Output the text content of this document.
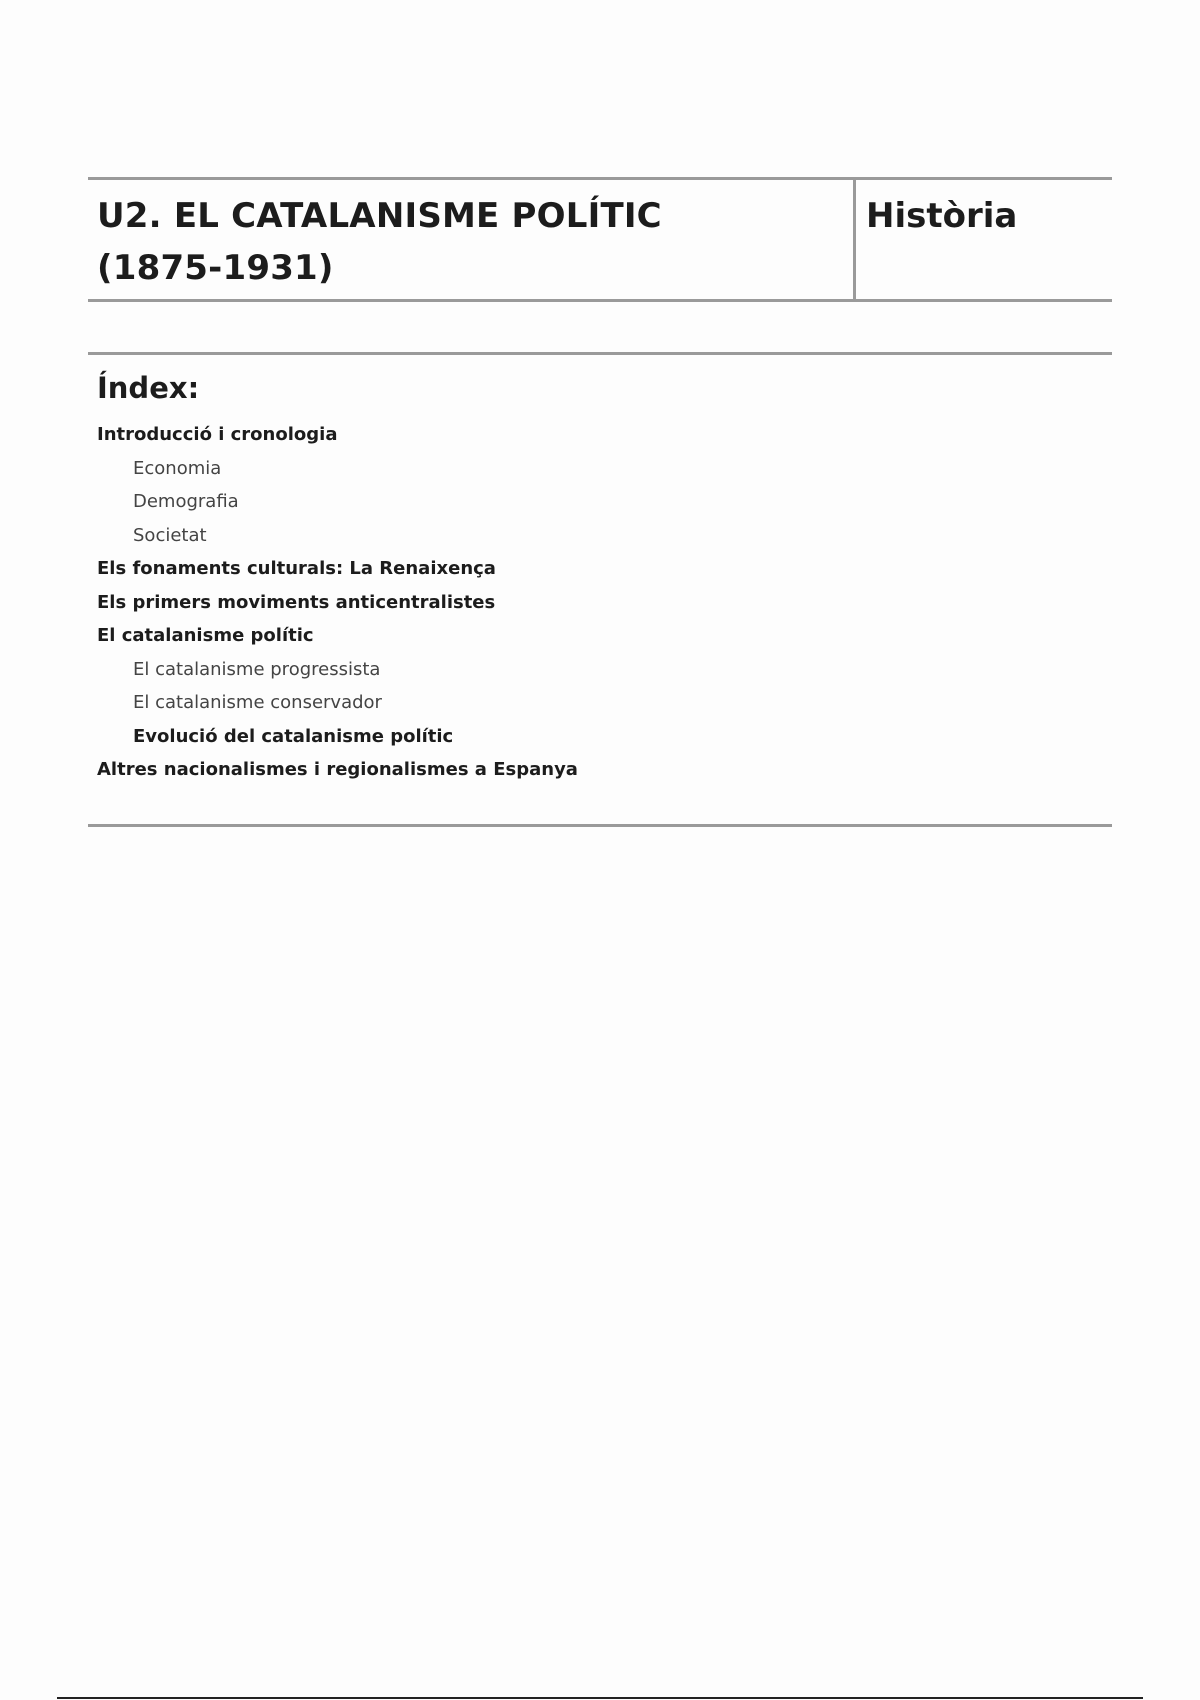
U2. EL CATALANISME POLÍTIC
(1875-1931)

Història

Índex:

Introducció i cronologia

Economia

Demografia

Societat

Els fonaments culturals: La Renaixença

Els primers moviments anticentralistes

El catalanisme polític

El catalanisme progressista

El catalanisme conservador

Evolució del catalanisme polític

Altres nacionalismes i regionalismes a Espanya
